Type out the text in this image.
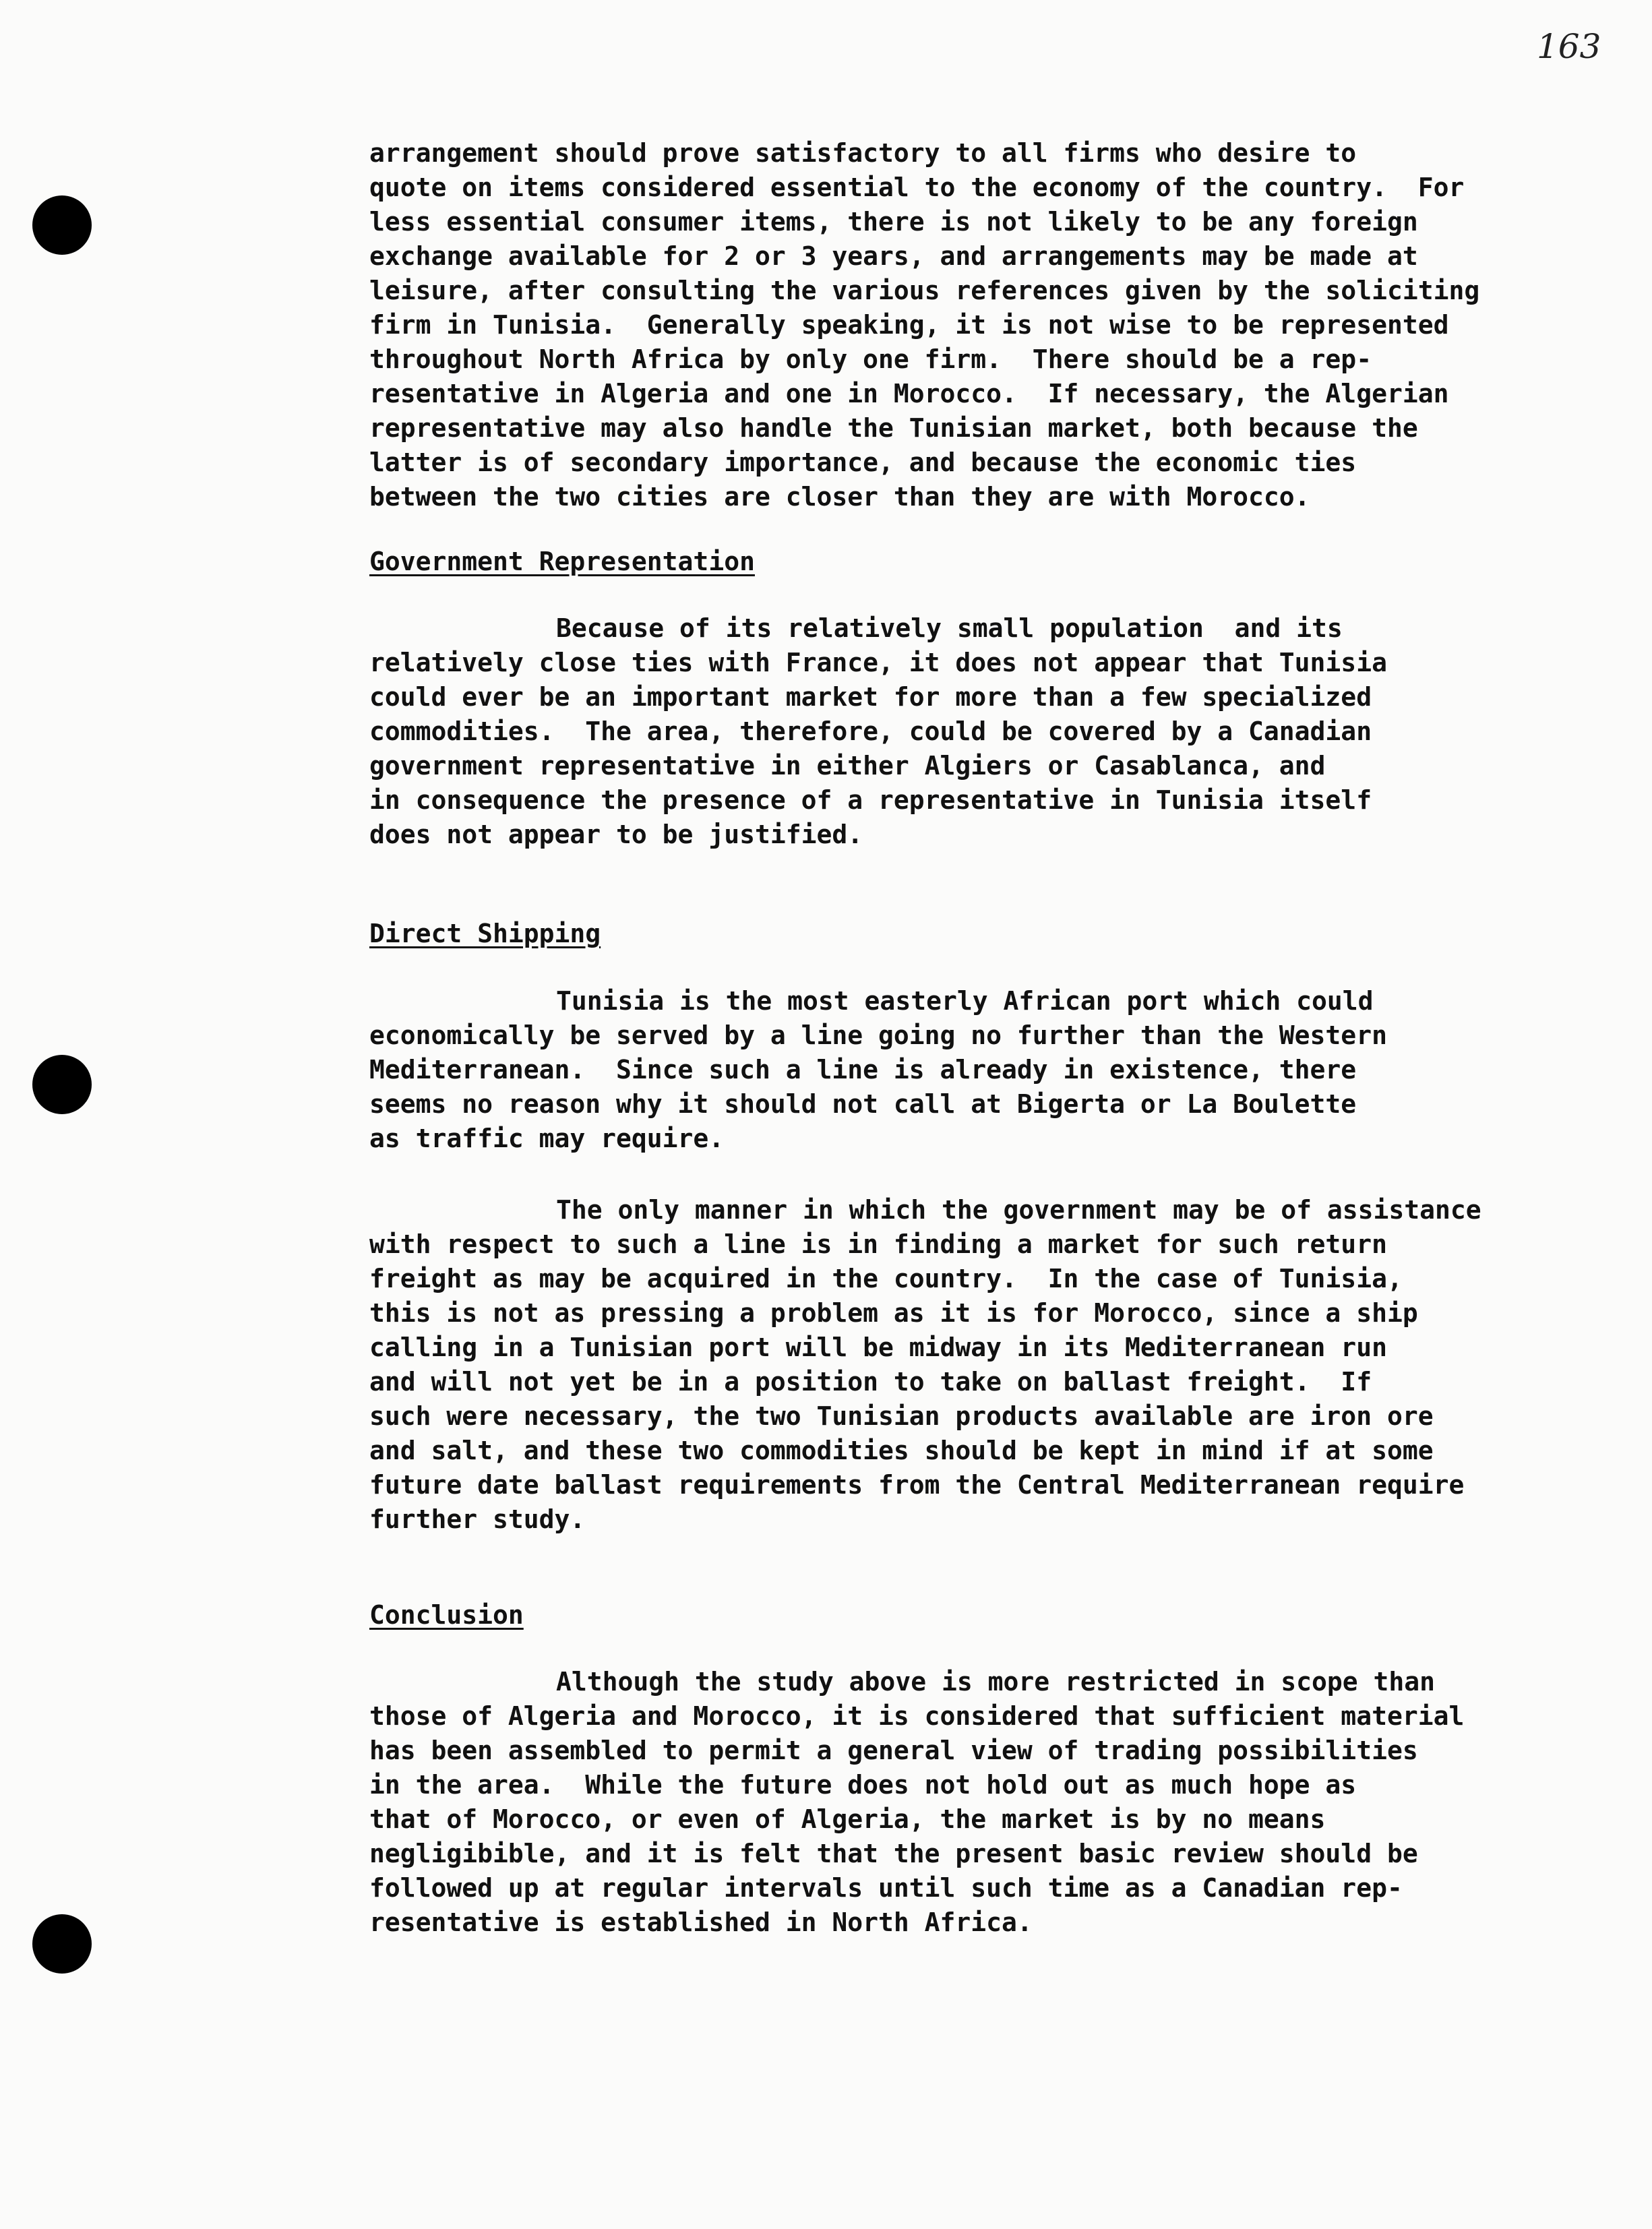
163
arrangement should prove satisfactory to all firms who desire to
quote on items considered essential to the economy of the country.  For
less essential consumer items, there is not likely to be any foreign
exchange available for 2 or 3 years, and arrangements may be made at
leisure, after consulting the various references given by the soliciting
firm in Tunisia.  Generally speaking, it is not wise to be represented
throughout North Africa by only one firm.  There should be a rep-
resentative in Algeria and one in Morocco.  If necessary, the Algerian
representative may also handle the Tunisian market, both because the
latter is of secondary importance, and because the economic ties
between the two cities are closer than they are with Morocco.
Government Representation
Because of its relatively small population  and its
relatively close ties with France, it does not appear that Tunisia
could ever be an important market for more than a few specialized
commodities.  The area, therefore, could be covered by a Canadian
government representative in either Algiers or Casablanca, and
in consequence the presence of a representative in Tunisia itself
does not appear to be justified.
Direct Shipping
Tunisia is the most easterly African port which could
economically be served by a line going no further than the Western
Mediterranean.  Since such a line is already in existence, there
seems no reason why it should not call at Bigerta or La Boulette
as traffic may require.
The only manner in which the government may be of assistance
with respect to such a line is in finding a market for such return
freight as may be acquired in the country.  In the case of Tunisia,
this is not as pressing a problem as it is for Morocco, since a ship
calling in a Tunisian port will be midway in its Mediterranean run
and will not yet be in a position to take on ballast freight.  If
such were necessary, the two Tunisian products available are iron ore
and salt, and these two commodities should be kept in mind if at some
future date ballast requirements from the Central Mediterranean require
further study.
Conclusion
Although the study above is more restricted in scope than
those of Algeria and Morocco, it is considered that sufficient material
has been assembled to permit a general view of trading possibilities
in the area.  While the future does not hold out as much hope as
that of Morocco, or even of Algeria, the market is by no means
negligibible, and it is felt that the present basic review should be
followed up at regular intervals until such time as a Canadian rep-
resentative is established in North Africa.
